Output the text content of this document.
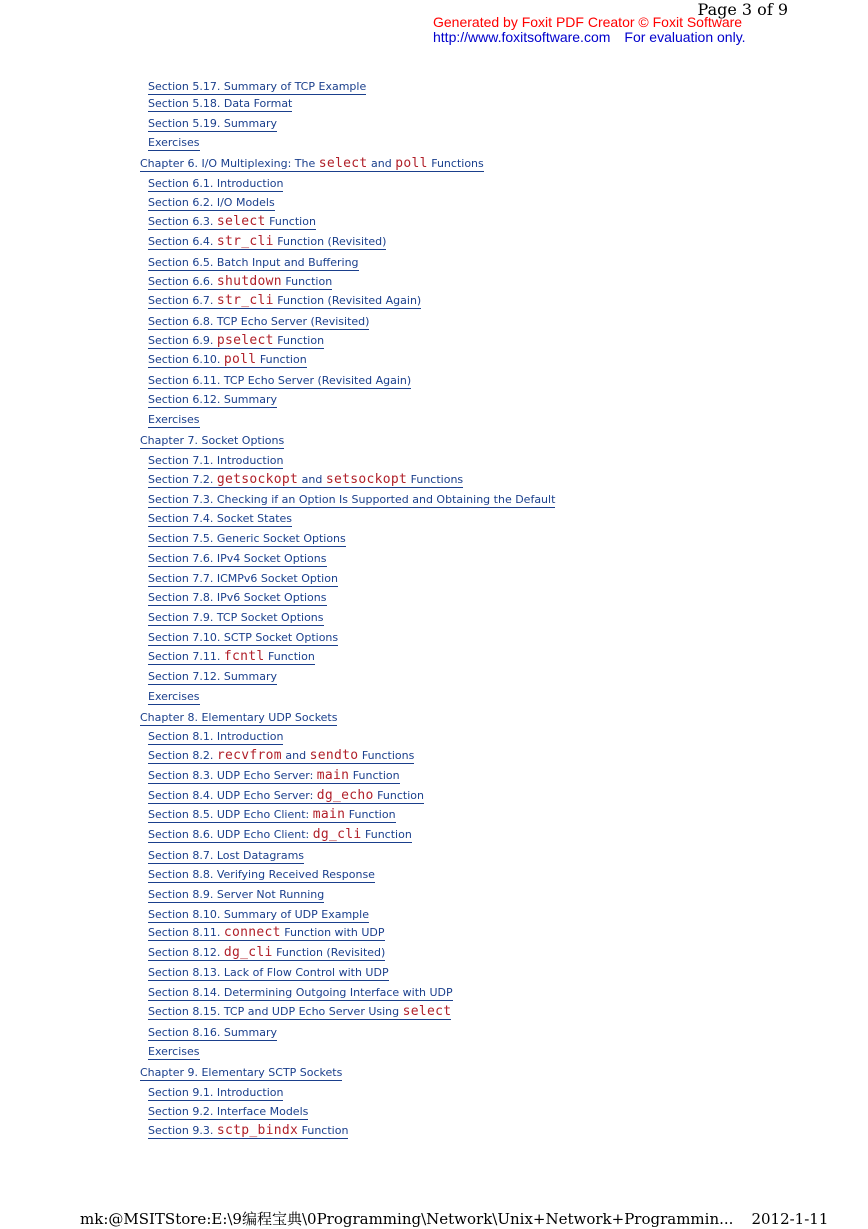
Page 3 of 9
Generated by Foxit PDF Creator © Foxit Software
http://www.foxitsoftware.com For evaluation only.
Section 5.17. Summary of TCP Example
Section 5.18. Data Format
Section 5.19. Summary
Exercises
Chapter 6. I/O Multiplexing: The select and poll Functions
Section 6.1. Introduction
Section 6.2. I/O Models
Section 6.3. select Function
Section 6.4. str_cli Function (Revisited)
Section 6.5. Batch Input and Buffering
Section 6.6. shutdown Function
Section 6.7. str_cli Function (Revisited Again)
Section 6.8. TCP Echo Server (Revisited)
Section 6.9. pselect Function
Section 6.10. poll Function
Section 6.11. TCP Echo Server (Revisited Again)
Section 6.12. Summary
Exercises
Chapter 7. Socket Options
Section 7.1. Introduction
Section 7.2. getsockopt and setsockopt Functions
Section 7.3. Checking if an Option Is Supported and Obtaining the Default
Section 7.4. Socket States
Section 7.5. Generic Socket Options
Section 7.6. IPv4 Socket Options
Section 7.7. ICMPv6 Socket Option
Section 7.8. IPv6 Socket Options
Section 7.9. TCP Socket Options
Section 7.10. SCTP Socket Options
Section 7.11. fcntl Function
Section 7.12. Summary
Exercises
Chapter 8. Elementary UDP Sockets
Section 8.1. Introduction
Section 8.2. recvfrom and sendto Functions
Section 8.3. UDP Echo Server: main Function
Section 8.4. UDP Echo Server: dg_echo Function
Section 8.5. UDP Echo Client: main Function
Section 8.6. UDP Echo Client: dg_cli Function
Section 8.7. Lost Datagrams
Section 8.8. Verifying Received Response
Section 8.9. Server Not Running
Section 8.10. Summary of UDP Example
Section 8.11. connect Function with UDP
Section 8.12. dg_cli Function (Revisited)
Section 8.13. Lack of Flow Control with UDP
Section 8.14. Determining Outgoing Interface with UDP
Section 8.15. TCP and UDP Echo Server Using select
Section 8.16. Summary
Exercises
Chapter 9. Elementary SCTP Sockets
Section 9.1. Introduction
Section 9.2. Interface Models
Section 9.3. sctp_bindx Function
mk:@MSITStore:E:\9编程宝典\0Programming\Network\Unix+Network+Programmin... 2012-1-11
